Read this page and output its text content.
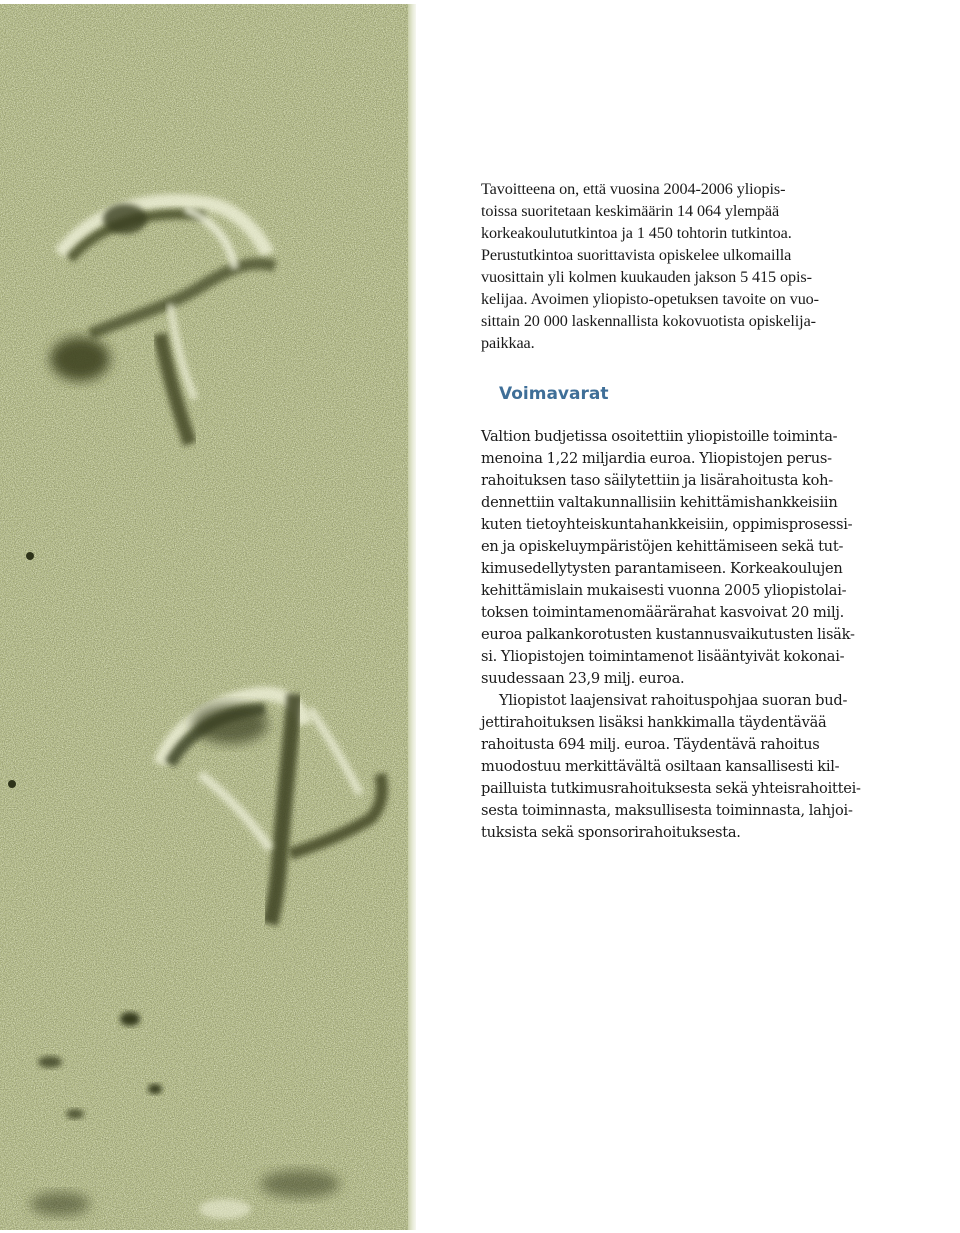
Tavoitteena on, että vuosina 2004-2006 yliopis-
toissa suoritetaan keskimäärin 14 064 ylempää
korkeakoulututkintoa ja 1 450 tohtorin tutkintoa.
Perustutkintoa suorittavista opiskelee ulkomailla
vuosittain yli kolmen kuukauden jakson 5 415 opis-
kelijaa. Avoimen yliopisto-opetuksen tavoite on vuo-
sittain 20 000 laskennallista kokovuotista opiskelija-
paikkaa.

Voimavarat

Valtion budjetissa osoitettiin yliopistoille toiminta-
menoina 1,22 miljardia euroa. Yliopistojen perus-
rahoituksen taso säilytettiin ja lisärahoitusta koh-
dennettiin valtakunnallisiin kehittämishankkeisiin
kuten tietoyhteiskuntahankkeisiin, oppimisprosessi-
en ja opiskeluympäristöjen kehittämiseen sekä tut-
kimusedellytysten parantamiseen. Korkeakoulujen
kehittämislain mukaisesti vuonna 2005 yliopistolai-
toksen toimintamenomäärärahat kasvoivat 20 milj.
euroa palkankorotusten kustannusvaikutusten lisäk-
si. Yliopistojen toimintamenot lisääntyivät kokonai-
suudessaan 23,9 milj. euroa.

Yliopistot laajensivat rahoituspohjaa suoran bud-
jettirahoituksen lisäksi hankkimalla täydentävää
rahoitusta 694 milj. euroa. Täydentävä rahoitus
muodostuu merkittävältä osiltaan kansallisesti kil-
pailluista tutkimusrahoituksesta sekä yhteisrahoittei-
sesta toiminnasta, maksullisesta toiminnasta, lahjoi-
tuksista sekä sponsorirahoituksesta.
